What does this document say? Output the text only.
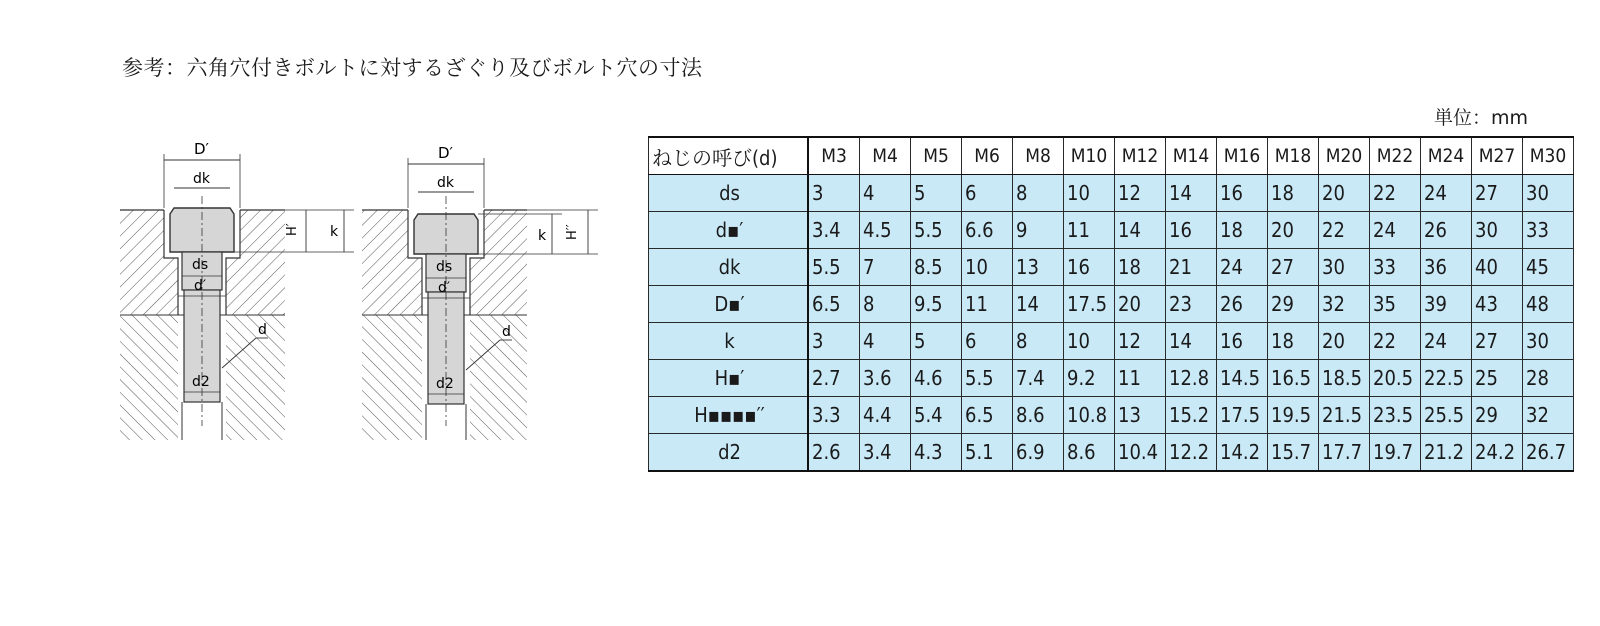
参考：六角穴付きボルトに対するざぐり及びボルト穴の寸法
単位：mm
D′
dk
H′ k
ds
d′
d
d2
D′
dk
k H′′
ds
d′
d
d2
ねじの呼び(d)	M3	M4	M5	M6	M8	M10	M12	M14	M16	M18	M20	M22	M24	M27	M30
ds	3	4	5	6	8	10	12	14	16	18	20	22	24	27	30
d▪′	3.4	4.5	5.5	6.6	9	11	14	16	18	20	22	24	26	30	33
dk	5.5	7	8.5	10	13	16	18	21	24	27	30	33	36	40	45
D▪′	6.5	8	9.5	11	14	17.5	20	23	26	29	32	35	39	43	48
k	3	4	5	6	8	10	12	14	16	18	20	22	24	27	30
H▪′	2.7	3.6	4.6	5.5	7.4	9.2	11	12.8	14.5	16.5	18.5	20.5	22.5	25	28
H▪▪▪▪′′	3.3	4.4	5.4	6.5	8.6	10.8	13	15.2	17.5	19.5	21.5	23.5	25.5	29	32
d2	2.6	3.4	4.3	5.1	6.9	8.6	10.4	12.2	14.2	15.7	17.7	19.7	21.2	24.2	26.7
